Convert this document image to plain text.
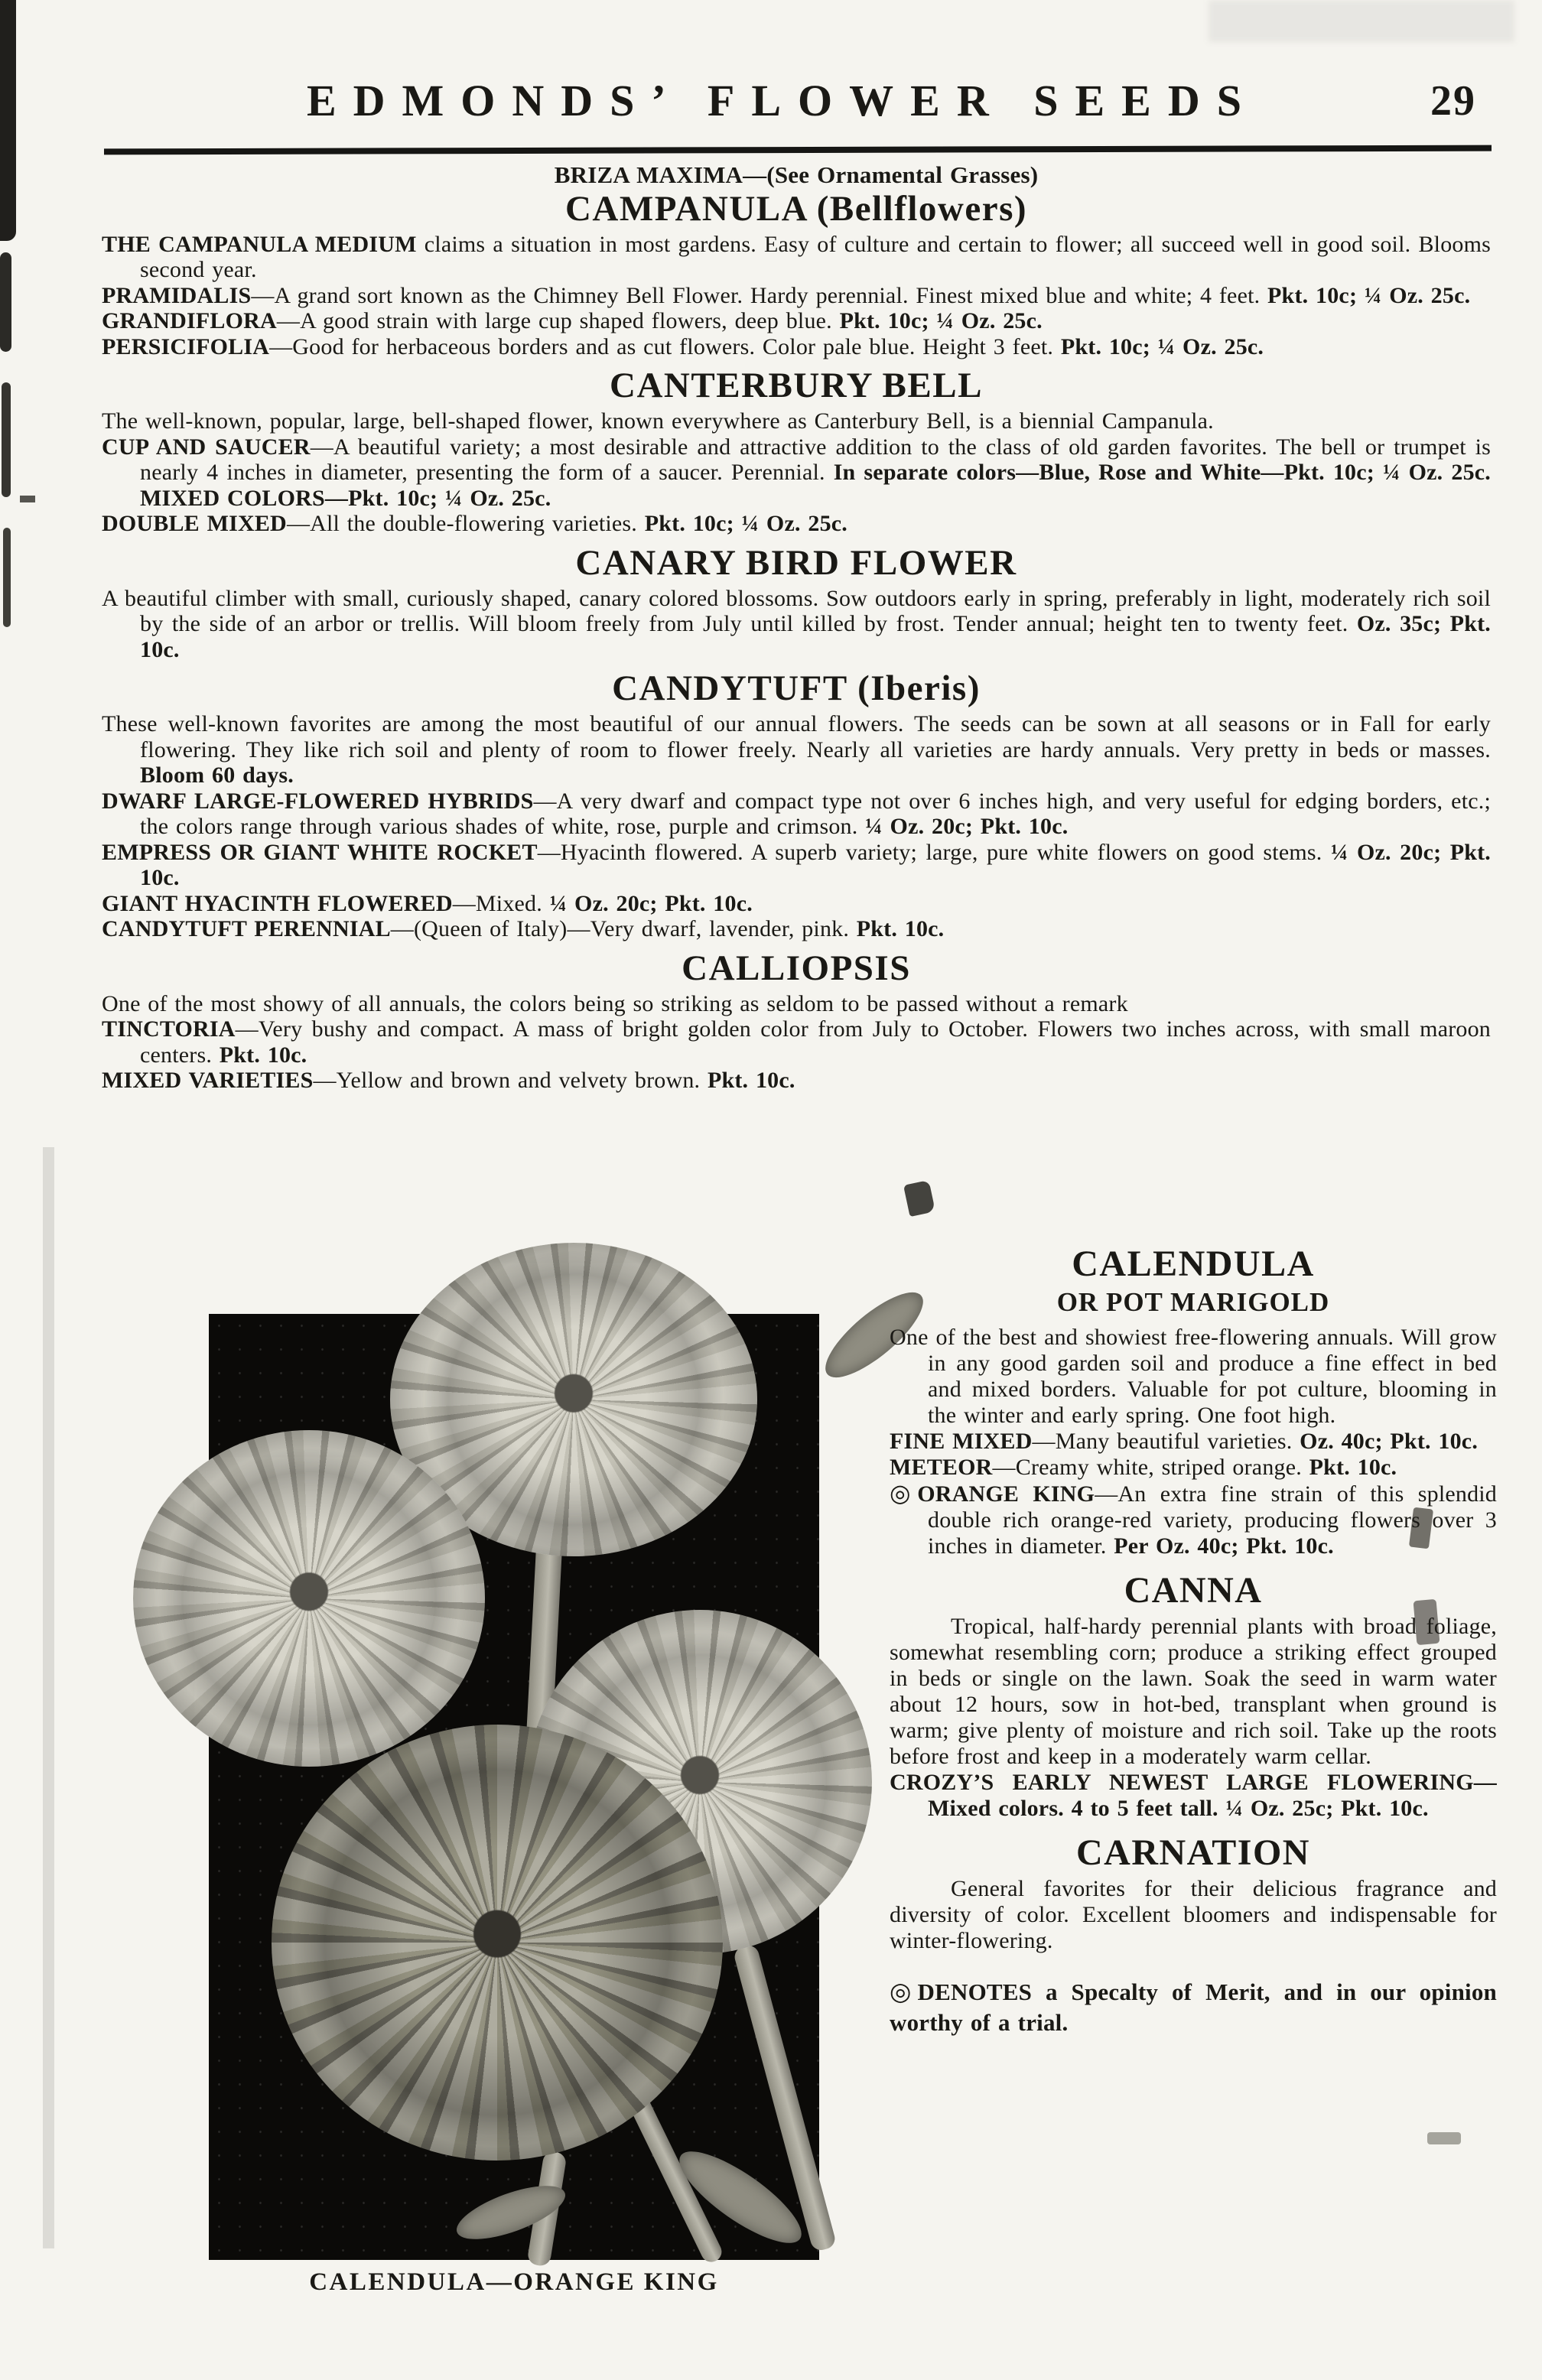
EDMONDS’ FLOWER SEEDS	29

BRIZA MAXIMA—(See Ornamental Grasses)

CAMPANULA (Bellflowers)

THE CAMPANULA MEDIUM claims a situation in most gardens. Easy of culture and certain to flower; all succeed well in good soil. Blooms second year.

PRAMIDALIS—A grand sort known as the Chimney Bell Flower. Hardy perennial. Finest mixed blue and white; 4 feet. Pkt. 10c; ¼ Oz. 25c.

GRANDIFLORA—A good strain with large cup shaped flowers, deep blue. Pkt. 10c; ¼ Oz. 25c.

PERSICIFOLIA—Good for herbaceous borders and as cut flowers. Color pale blue. Height 3 feet. Pkt. 10c; ¼ Oz. 25c.

CANTERBURY BELL

The well-known, popular, large, bell-shaped flower, known everywhere as Canterbury Bell, is a biennial Campanula.

CUP AND SAUCER—A beautiful variety; a most desirable and attractive addition to the class of old garden favorites. The bell or trumpet is nearly 4 inches in diameter, presenting the form of a saucer. Perennial. In separate colors—Blue, Rose and White—Pkt. 10c; ¼ Oz. 25c. MIXED COLORS—Pkt. 10c; ¼ Oz. 25c.

DOUBLE MIXED—All the double-flowering varieties. Pkt. 10c; ¼ Oz. 25c.

CANARY BIRD FLOWER

A beautiful climber with small, curiously shaped, canary colored blossoms. Sow outdoors early in spring, preferably in light, moderately rich soil by the side of an arbor or trellis. Will bloom freely from July until killed by frost. Tender annual; height ten to twenty feet. Oz. 35c; Pkt. 10c.

CANDYTUFT (Iberis)

These well-known favorites are among the most beautiful of our annual flowers. The seeds can be sown at all seasons or in Fall for early flowering. They like rich soil and plenty of room to flower freely. Nearly all varieties are hardy annuals. Very pretty in beds or masses. Bloom 60 days.

DWARF LARGE-FLOWERED HYBRIDS—A very dwarf and compact type not over 6 inches high, and very useful for edging borders, etc.; the colors range through various shades of white, rose, purple and crimson. ¼ Oz. 20c; Pkt. 10c.

EMPRESS OR GIANT WHITE ROCKET—Hyacinth flowered. A superb variety; large, pure white flowers on good stems. ¼ Oz. 20c; Pkt. 10c.

GIANT HYACINTH FLOWERED—Mixed. ¼ Oz. 20c; Pkt. 10c.

CANDYTUFT PERENNIAL—(Queen of Italy)—Very dwarf, lavender, pink. Pkt. 10c.

CALLIOPSIS

One of the most showy of all annuals, the colors being so striking as seldom to be passed without a remark

TINCTORIA—Very bushy and compact. A mass of bright golden color from July to October. Flowers two inches across, with small maroon centers. Pkt. 10c.

MIXED VARIETIES—Yellow and brown and velvety brown. Pkt. 10c.

CALENDULA—ORANGE KING
CALENDULA
OR POT MARIGOLD

One of the best and showiest free-flowering annuals. Will grow in any good garden soil and produce a fine effect in bed and mixed borders. Valuable for pot culture, blooming in the winter and early spring. One foot high.

FINE MIXED—Many beautiful varieties. Oz. 40c; Pkt. 10c.

METEOR—Creamy white, striped orange. Pkt. 10c.

◎ORANGE KING—An extra fine strain of this splendid double rich orange-red variety, producing flowers over 3 inches in diameter. Per Oz. 40c; Pkt. 10c.

CANNA

Tropical, half-hardy perennial plants with broad foliage, somewhat resembling corn; produce a striking effect grouped in beds or single on the lawn. Soak the seed in warm water about 12 hours, sow in hot-bed, transplant when ground is warm; give plenty of moisture and rich soil. Take up the roots before frost and keep in a moderately warm cellar.

CROZY’S EARLY NEWEST LARGE FLOWERING—Mixed colors. 4 to 5 feet tall. ¼ Oz. 25c; Pkt. 10c.

CARNATION

General favorites for their delicious fragrance and diversity of color. Excellent bloomers and indispensable for winter-flowering.

◎DENOTES a Specalty of Merit, and in our opinion worthy of a trial.
